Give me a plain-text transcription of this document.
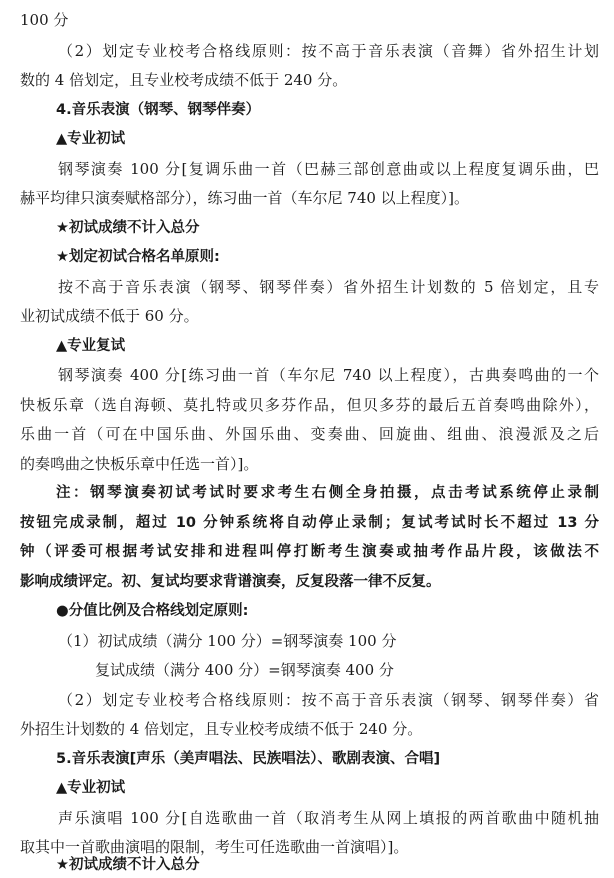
100 分

（2）划定专业校考合格线原则：按不高于音乐表演（音舞）省外招生计划

数的 4 倍划定，且专业校考成绩不低于 240 分。

4.音乐表演（钢琴、钢琴伴奏）

▲专业初试

钢琴演奏 100 分[复调乐曲一首（巴赫三部创意曲或以上程度复调乐曲，巴

赫平均律只演奏赋格部分），练习曲一首（车尔尼 740 以上程度）]。

★初试成绩不计入总分

★划定初试合格名单原则:

按不高于音乐表演（钢琴、钢琴伴奏）省外招生计划数的 5 倍划定，且专

业初试成绩不低于 60 分。

▲专业复试

钢琴演奏 400 分[练习曲一首（车尔尼 740 以上程度），古典奏鸣曲的一个

快板乐章（选自海顿、莫扎特或贝多芬作品，但贝多芬的最后五首奏鸣曲除外），

乐曲一首（可在中国乐曲、外国乐曲、变奏曲、回旋曲、组曲、浪漫派及之后

的奏鸣曲之快板乐章中任选一首）]。

注：钢琴演奏初试考试时要求考生右侧全身拍摄，点击考试系统停止录制

按钮完成录制，超过 10 分钟系统将自动停止录制；复试考试时长不超过 13 分

钟（评委可根据考试安排和进程叫停打断考生演奏或抽考作品片段，该做法不

影响成绩评定。初、复试均要求背谱演奏，反复段落一律不反复。

●分值比例及合格线划定原则:

（1）初试成绩（满分 100 分）=钢琴演奏 100 分

复试成绩（满分 400 分）=钢琴演奏 400 分

（2）划定专业校考合格线原则：按不高于音乐表演（钢琴、钢琴伴奏）省

外招生计划数的 4 倍划定，且专业校考成绩不低于 240 分。

5.音乐表演[声乐（美声唱法、民族唱法）、歌剧表演、合唱]

▲专业初试

声乐演唱 100 分[自选歌曲一首（取消考生从网上填报的两首歌曲中随机抽

取其中一首歌曲演唱的限制，考生可任选歌曲一首演唱）]。

★初试成绩不计入总分
